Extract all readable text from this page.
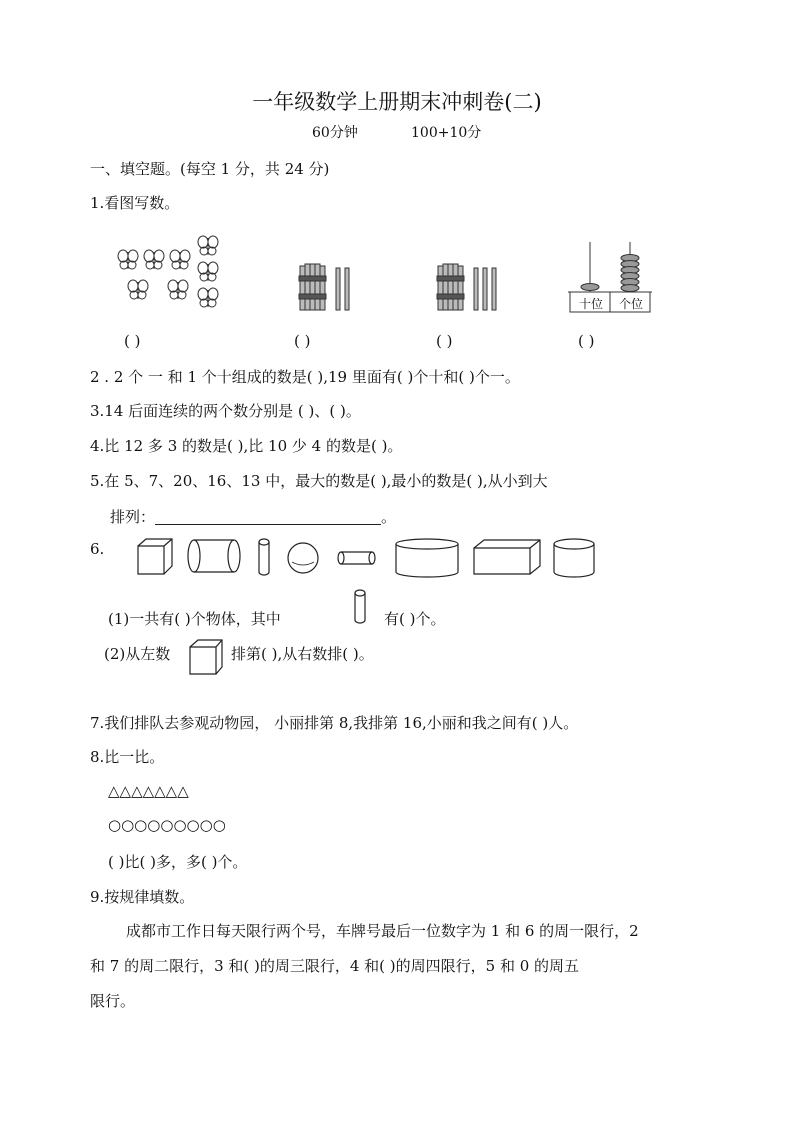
一年级数学上册期末冲刺卷(二)
60分钟	100+10分
一、填空题。(每空 1 分，共 24 分)
1.看图写数。
十位	个位
( )	( )	( )	( )
2 . 2 个 一 和 1 个十组成的数是( ),19 里面有( )个十和( )个一。
3.14 后面连续的两个数分别是 ( )、( )。
4.比 12 多 3 的数是( ),比 10 少 4 的数是( )。
5.在 5、7、20、16、13 中，最大的数是( ),最小的数是( ),从小到大
排列：	。
6.
(1)一共有( )个物体，其中	有( )个。
(2)从左数	排第( ),从右数排( )。
7.我们排队去参观动物园， 小丽排第 8,我排第 16,小丽和我之间有( )人。
8.比一比。
△△△△△△△
○○○○○○○○○
( )比( )多，多( )个。
9.按规律填数。
成都市工作日每天限行两个号，车牌号最后一位数字为 1 和 6 的周一限行，2
和 7 的周二限行，3 和( )的周三限行，4 和( )的周四限行，5 和 0 的周五
限行。
